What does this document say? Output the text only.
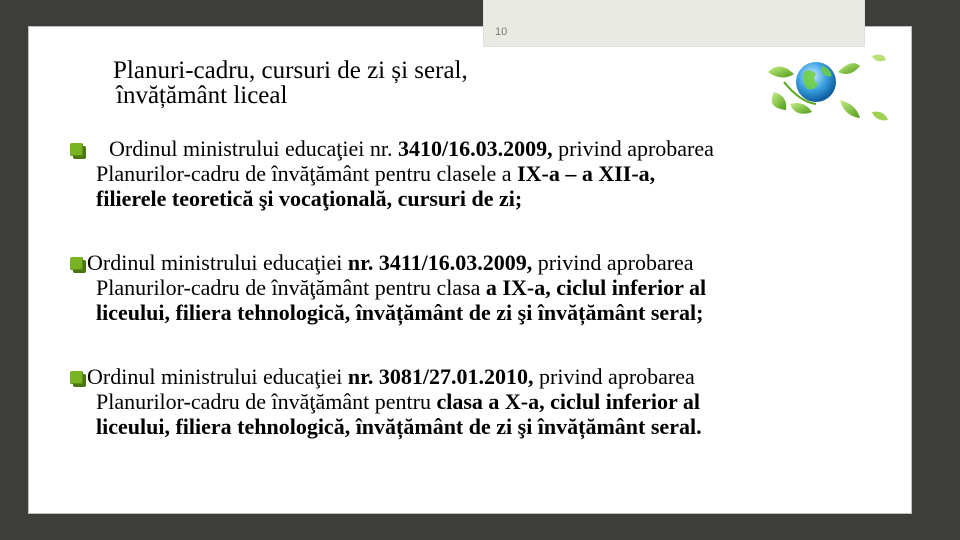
10
Planuri-cadru, cursuri de zi și seral,

învățământ liceal
Ordinul ministrului educaţiei nr. 3410/16.03.2009, privind aprobarea
Planurilor-cadru de învăţământ pentru clasele a IX-a – a XII-a,
filierele teoretică şi vocaţională, cursuri de zi;
Ordinul ministrului educaţiei nr. 3411/16.03.2009, privind aprobarea
Planurilor-cadru de învăţământ pentru clasa a IX-a, ciclul inferior al
liceului, filiera tehnologică, învățământ de zi şi învățământ seral;
Ordinul ministrului educaţiei nr. 3081/27.01.2010, privind aprobarea
Planurilor-cadru de învăţământ pentru clasa a X-a, ciclul inferior al
liceului, filiera tehnologică, învățământ de zi şi învățământ seral.
